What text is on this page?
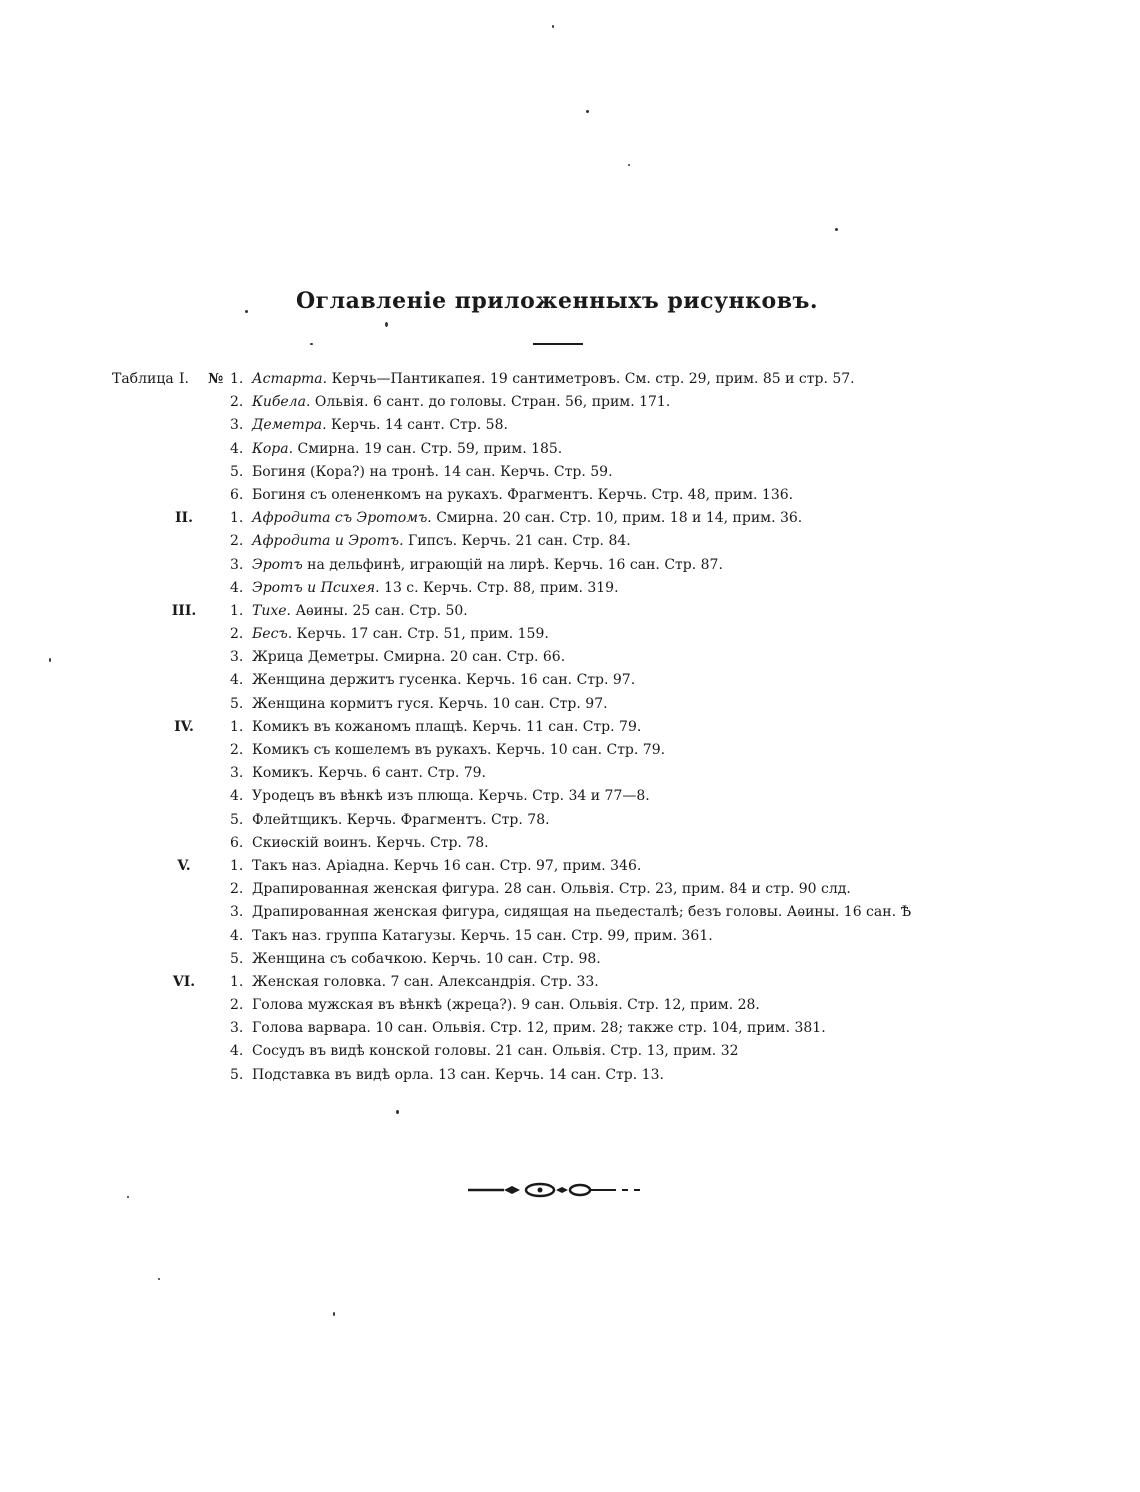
Оглавленіе приложенныхъ рисунковъ.
Таблица I.	№ 1. Астарта. Керчь—Пантикапея. 19 сантиметровъ. См. стр. 29, прим. 85 и стр. 57.
2. Кибела. Ольвія. 6 сант. до головы. Стран. 56, прим. 171.
3. Деметра. Керчь. 14 сант. Стр. 58.
4. Кора. Смирна. 19 сан. Стр. 59, прим. 185.
5. Богиня (Кора?) на тронѣ. 14 сан. Керчь. Стр. 59.
6. Богиня съ олененкомъ на рукахъ. Фрагментъ. Керчь. Стр. 48, прим. 136.
II.	1. Афродита съ Эротомъ. Смирна. 20 сан. Стр. 10, прим. 18 и 14, прим. 36.
2. Афродита и Эротъ. Гипсъ. Керчь. 21 сан. Стр. 84.
3. Эротъ на дельфинѣ, играющій на лирѣ. Керчь. 16 сан. Стр. 87.
4. Эротъ и Психея. 13 с. Керчь. Стр. 88, прим. 319.
III.	1. Тихе. Аѳины. 25 сан. Стр. 50.
2. Бесъ. Керчь. 17 сан. Стр. 51, прим. 159.
3. Жрица Деметры. Смирна. 20 сан. Стр. 66.
4. Женщина держитъ гусенка. Керчь. 16 сан. Стр. 97.
5. Женщина кормитъ гуся. Керчь. 10 сан. Стр. 97.
IV.	1. Комикъ въ кожаномъ плащѣ. Керчь. 11 сан. Стр. 79.
2. Комикъ съ кошелемъ въ рукахъ. Керчь. 10 сан. Стр. 79.
3. Комикъ. Керчь. 6 сант. Стр. 79.
4. Уродецъ въ вѣнкѣ изъ плюща. Керчь. Стр. 34 и 77—8.
5. Флейтщикъ. Керчь. Фрагментъ. Стр. 78.
6. Скиѳскій воинъ. Керчь. Стр. 78.
V.	1. Такъ наз. Аріадна. Керчь 16 сан. Стр. 97, прим. 346.
2. Драпированная женская фигура. 28 сан. Ольвія. Стр. 23, прим. 84 и стр. 90 слд.
3. Драпированная женская фигура, сидящая на пьедесталѣ; безъ головы. Аѳины. 16 сан. Ѣ
4. Такъ наз. группа Катагузы. Керчь. 15 сан. Стр. 99, прим. 361.
5. Женщина съ собачкою. Керчь. 10 сан. Стр. 98.
VI.	1. Женская головка. 7 сан. Александрія. Стр. 33.
2. Голова мужская въ вѣнкѣ (жреца?). 9 сан. Ольвія. Стр. 12, прим. 28.
3. Голова варвара. 10 сан. Ольвія. Стр. 12, прим. 28; также стр. 104, прим. 381.
4. Сосудъ въ видѣ конской головы. 21 сан. Ольвія. Стр. 13, прим. 32
5. Подставка въ видѣ орла. 13 сан. Керчь. 14 сан. Стр. 13.
